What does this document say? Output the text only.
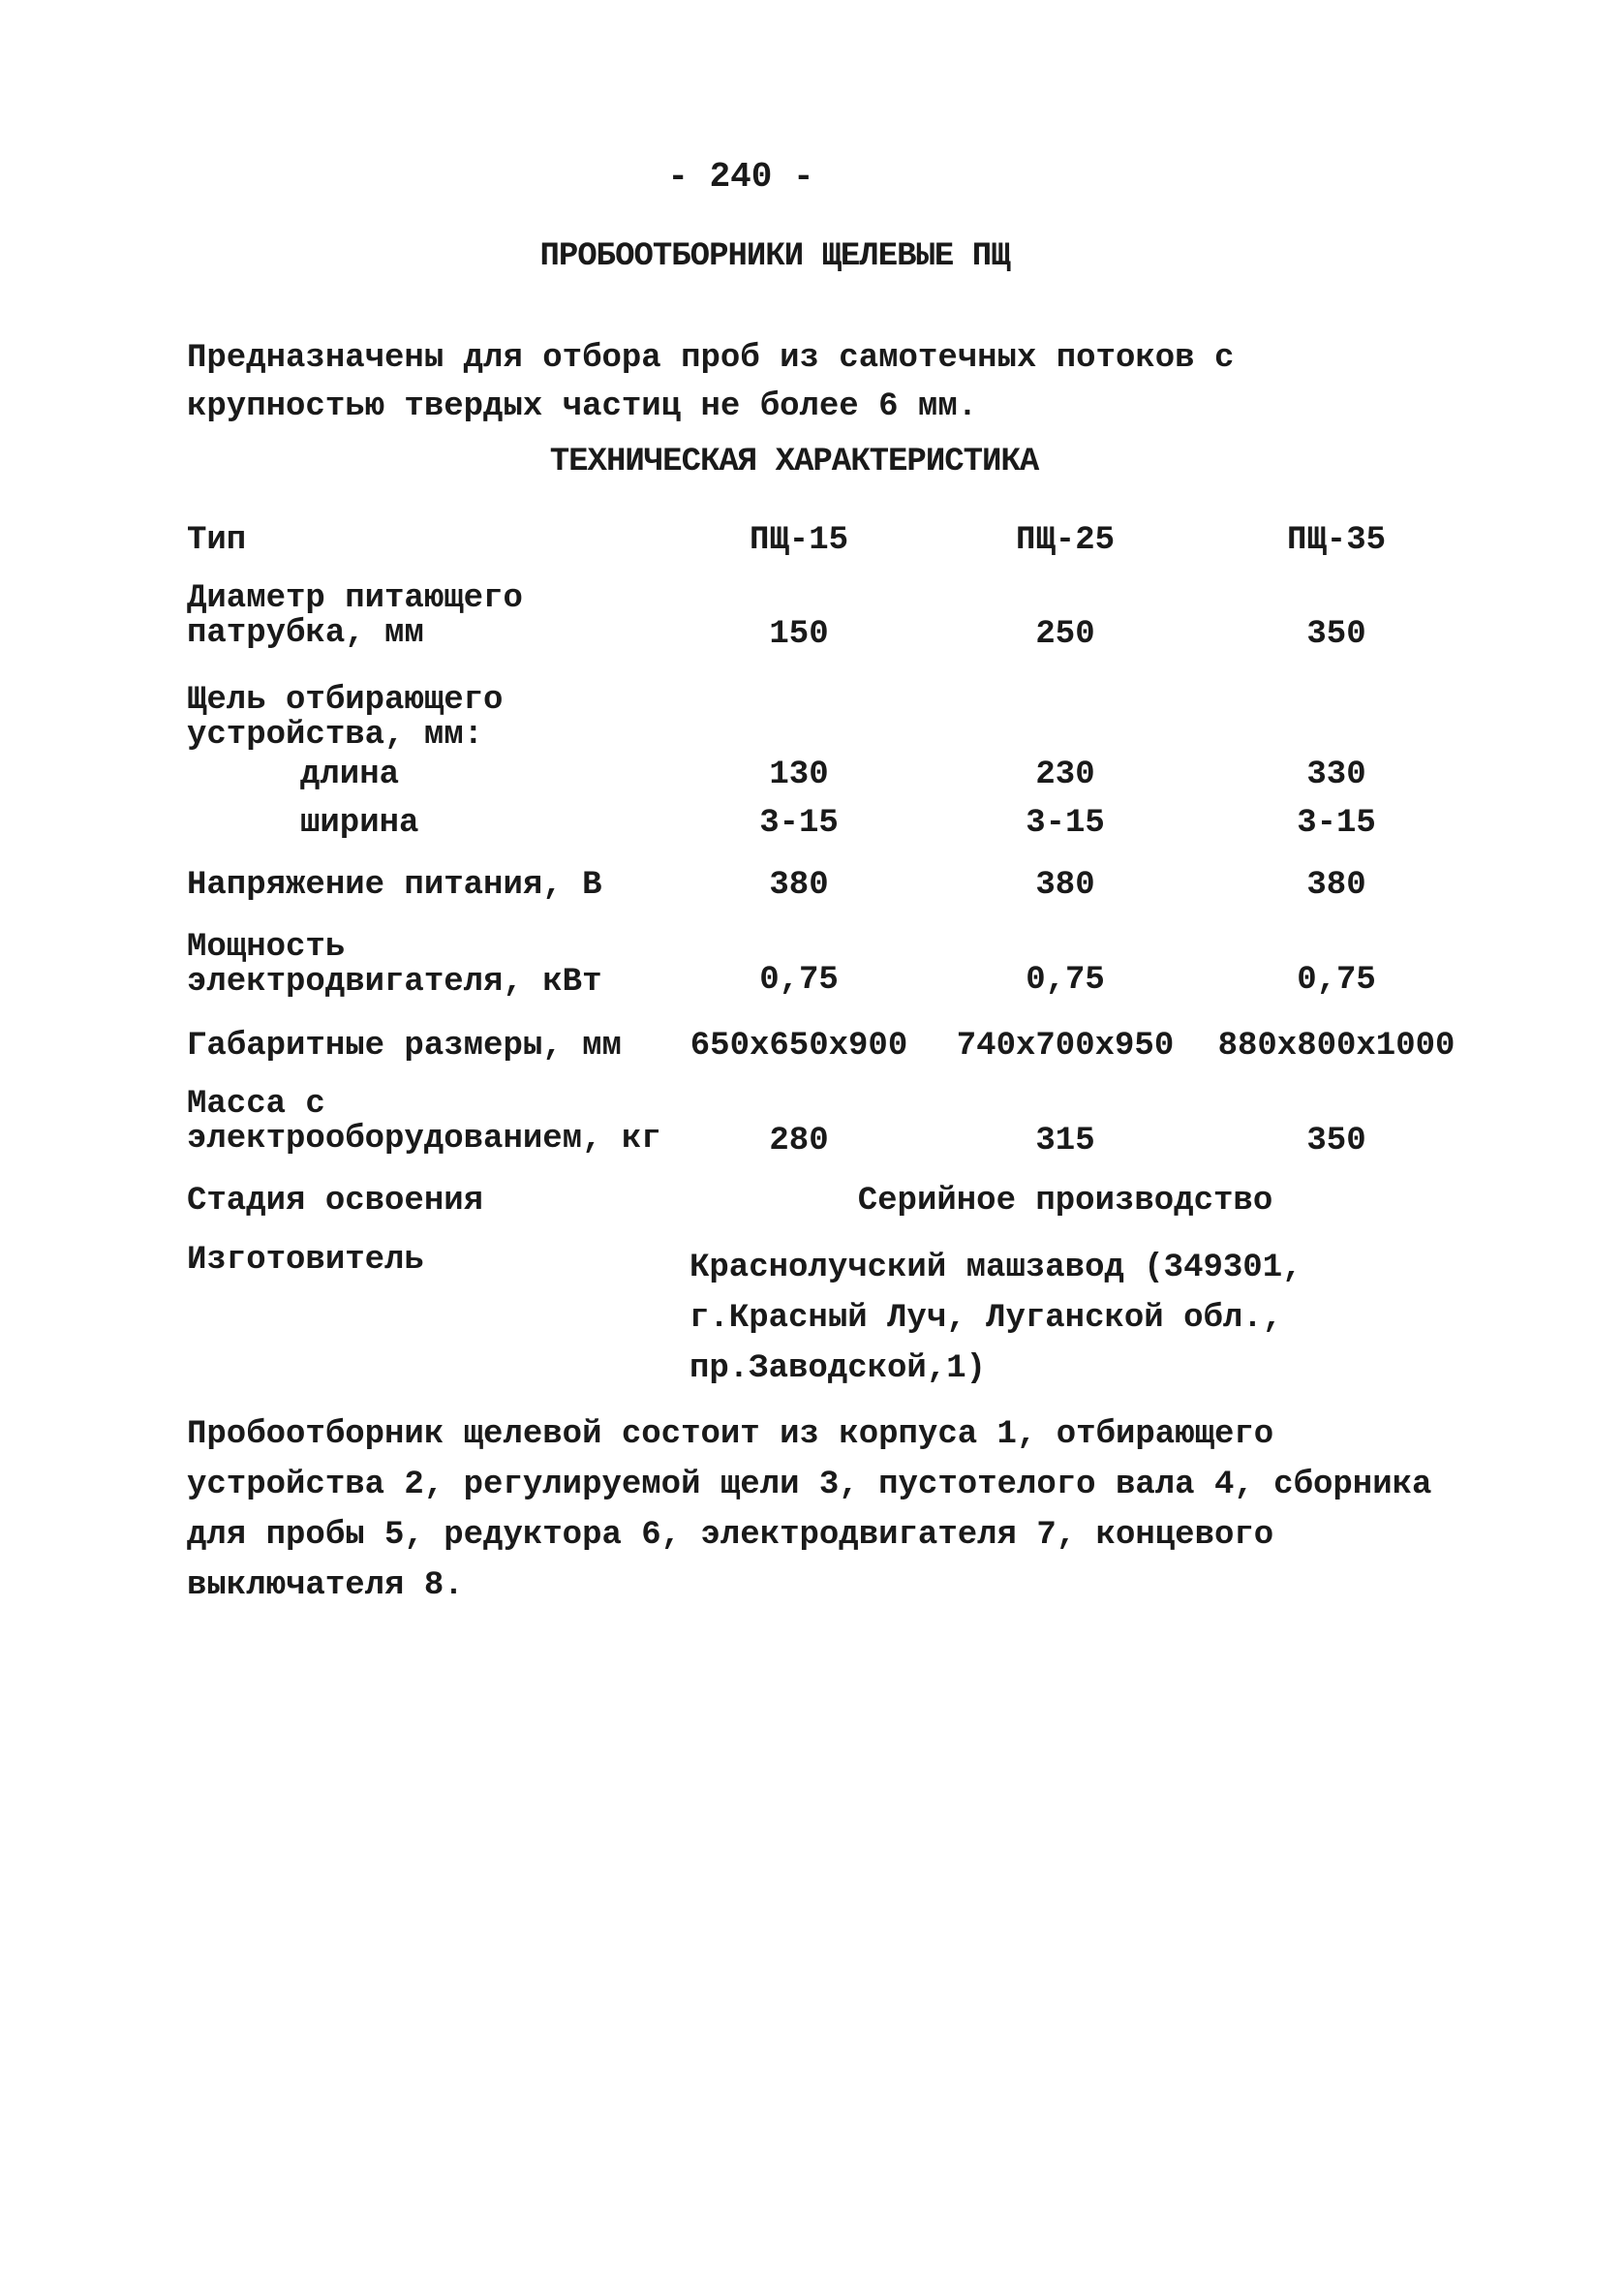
- 240 -
ПРОБООТБОРНИКИ ЩЕЛЕВЫЕ ПЩ
Предназначены для отбора проб из самотечных потоков с крупностью твердых частиц не более 6 мм.
ТЕХНИЧЕСКАЯ ХАРАКТЕРИСТИКА
Тип	ПЩ-15	ПЩ-25	ПЩ-35
Диаметр питающего патрубка, мм	150	250	350
Щель отбирающего устройства, мм:
длина	130	230	330
ширина	3-15	3-15	3-15
Напряжение питания, В	380	380	380
Мощность электродвигателя, кВт	0,75	0,75	0,75
Габаритные размеры, мм	650x650x900	740x700x950	880x800x1000
Масса с электрооборудованием, кг	280	315	350
Стадия освоения	Серийное производство
Изготовитель	Краснолучский машзавод (349301, г.Красный Луч, Луганской обл., пр.Заводской,1)
Пробоотборник щелевой состоит из корпуса 1, отбирающего устройства 2, регулируемой щели 3, пустотелого вала 4, сборника для пробы 5, редуктора 6, электродвигателя 7, концевого выключателя 8.
